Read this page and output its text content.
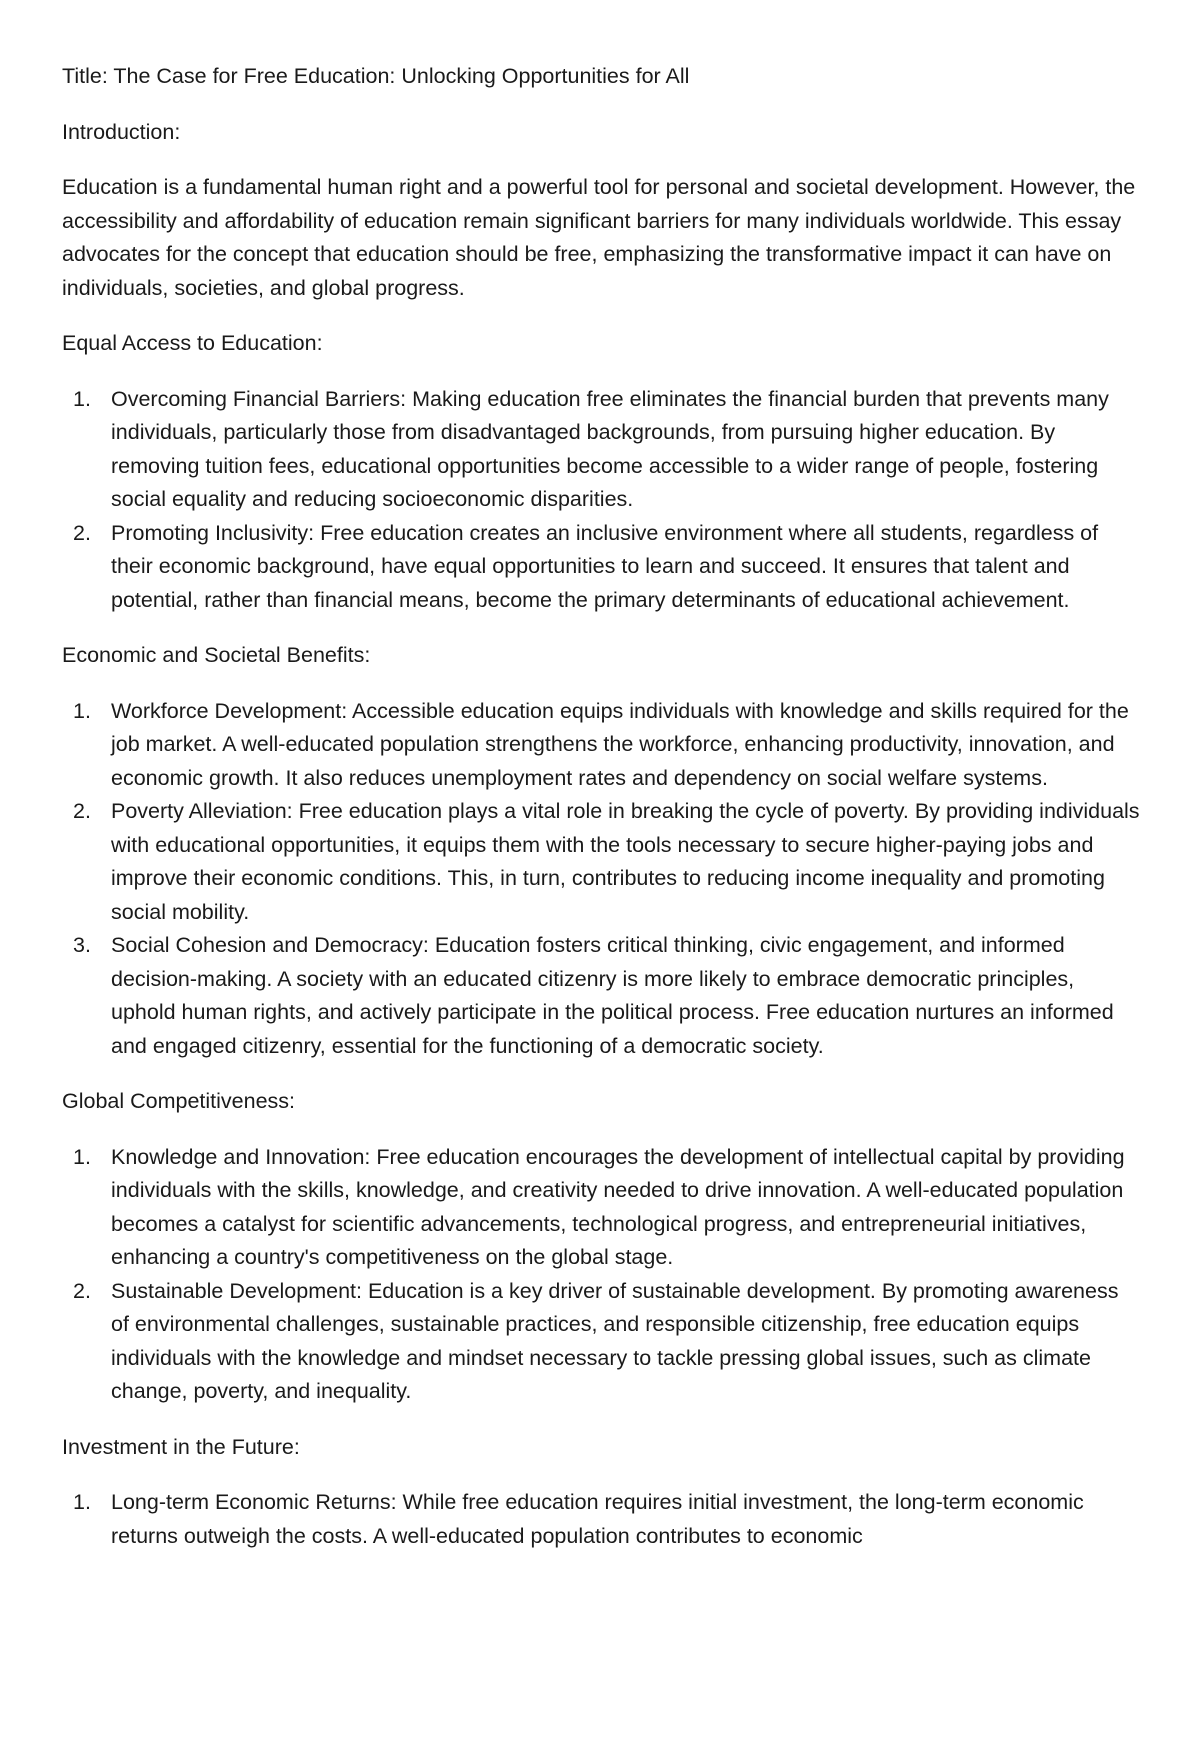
Title: The Case for Free Education: Unlocking Opportunities for All

Introduction:

Education is a fundamental human right and a powerful tool for personal and societal development. However, the accessibility and affordability of education remain significant barriers for many individuals worldwide. This essay advocates for the concept that education should be free, emphasizing the transformative impact it can have on individuals, societies, and global progress.

Equal Access to Education:

1. Overcoming Financial Barriers: Making education free eliminates the financial burden that prevents many individuals, particularly those from disadvantaged backgrounds, from pursuing higher education. By removing tuition fees, educational opportunities become accessible to a wider range of people, fostering social equality and reducing socioeconomic disparities.
2. Promoting Inclusivity: Free education creates an inclusive environment where all students, regardless of their economic background, have equal opportunities to learn and succeed. It ensures that talent and potential, rather than financial means, become the primary determinants of educational achievement.

Economic and Societal Benefits:

1. Workforce Development: Accessible education equips individuals with knowledge and skills required for the job market. A well-educated population strengthens the workforce, enhancing productivity, innovation, and economic growth. It also reduces unemployment rates and dependency on social welfare systems.
2. Poverty Alleviation: Free education plays a vital role in breaking the cycle of poverty. By providing individuals with educational opportunities, it equips them with the tools necessary to secure higher-paying jobs and improve their economic conditions. This, in turn, contributes to reducing income inequality and promoting social mobility.
3. Social Cohesion and Democracy: Education fosters critical thinking, civic engagement, and informed decision-making. A society with an educated citizenry is more likely to embrace democratic principles, uphold human rights, and actively participate in the political process. Free education nurtures an informed and engaged citizenry, essential for the functioning of a democratic society.

Global Competitiveness:

1. Knowledge and Innovation: Free education encourages the development of intellectual capital by providing individuals with the skills, knowledge, and creativity needed to drive innovation. A well-educated population becomes a catalyst for scientific advancements, technological progress, and entrepreneurial initiatives, enhancing a country's competitiveness on the global stage.
2. Sustainable Development: Education is a key driver of sustainable development. By promoting awareness of environmental challenges, sustainable practices, and responsible citizenship, free education equips individuals with the knowledge and mindset necessary to tackle pressing global issues, such as climate change, poverty, and inequality.

Investment in the Future:

1. Long-term Economic Returns: While free education requires initial investment, the long-term economic returns outweigh the costs. A well-educated population contributes to economic
